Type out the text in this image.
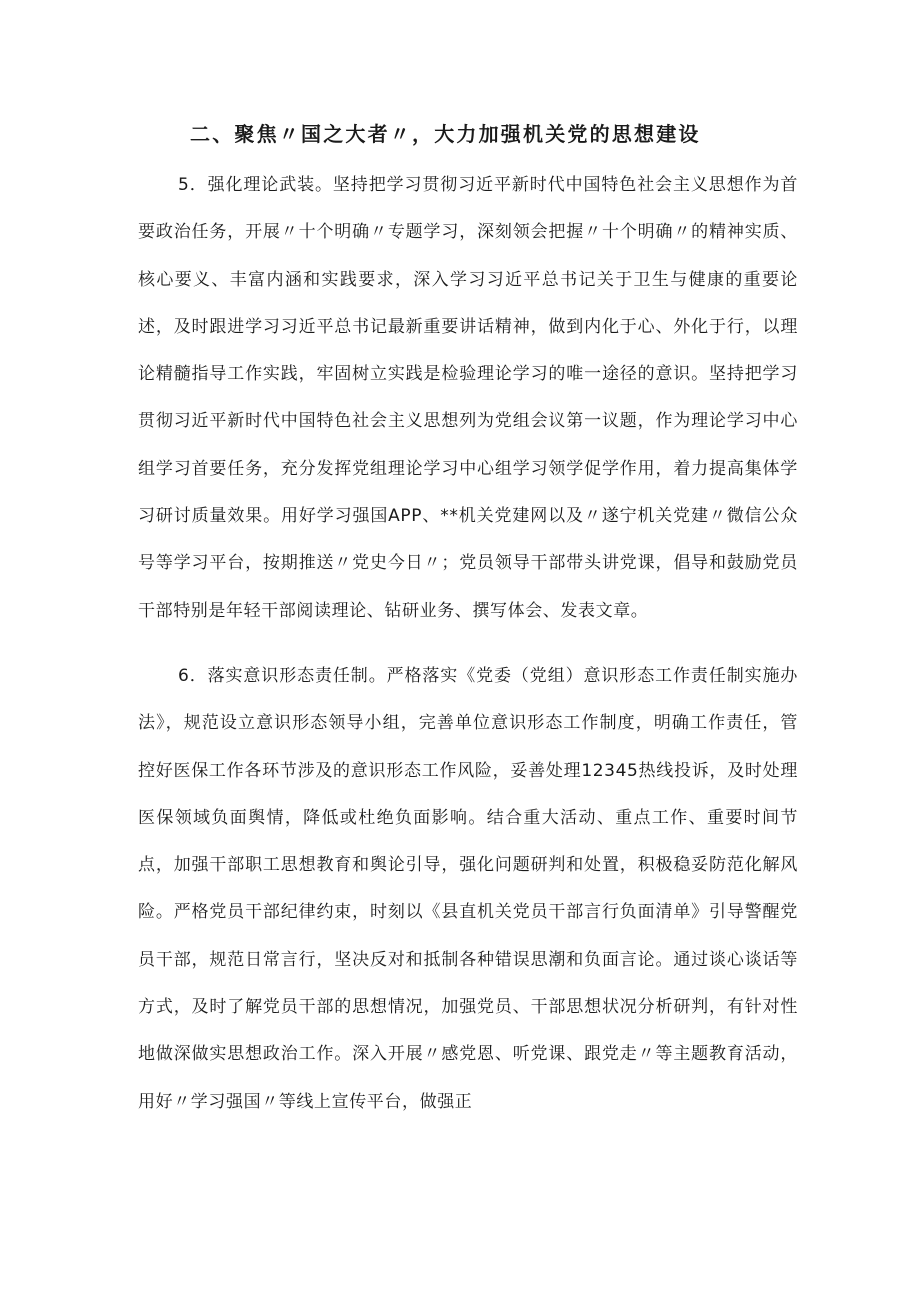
二、聚焦〃国之大者〃，大力加强机关党的思想建设

5．强化理论武装。坚持把学习贯彻习近平新时代中国特色社会主义思想作为首要政治任务，开展〃十个明确〃专题学习，深刻领会把握〃十个明确〃的精神实质、核心要义、丰富内涵和实践要求，深入学习习近平总书记关于卫生与健康的重要论述，及时跟进学习习近平总书记最新重要讲话精神，做到内化于心、外化于行，以理论精髓指导工作实践，牢固树立实践是检验理论学习的唯一途径的意识。坚持把学习贯彻习近平新时代中国特色社会主义思想列为党组会议第一议题，作为理论学习中心组学习首要任务，充分发挥党组理论学习中心组学习领学促学作用，着力提高集体学习研讨质量效果。用好学习强国APP、**机关党建网以及〃遂宁机关党建〃微信公众号等学习平台，按期推送〃党史今日〃；党员领导干部带头讲党课，倡导和鼓励党员干部特别是年轻干部阅读理论、钻研业务、撰写体会、发表文章。

6．落实意识形态责任制。严格落实《党委（党组）意识形态工作责任制实施办法》，规范设立意识形态领导小组，完善单位意识形态工作制度，明确工作责任，管控好医保工作各环节涉及的意识形态工作风险，妥善处理12345热线投诉，及时处理医保领域负面舆情，降低或杜绝负面影响。结合重大活动、重点工作、重要时间节点，加强干部职工思想教育和舆论引导，强化问题研判和处置，积极稳妥防范化解风险。严格党员干部纪律约束，时刻以《县直机关党员干部言行负面清单》引导警醒党员干部，规范日常言行，坚决反对和抵制各种错误思潮和负面言论。通过谈心谈话等方式，及时了解党员干部的思想情况，加强党员、干部思想状况分析研判，有针对性地做深做实思想政治工作。深入开展〃感党恩、听党课、跟党走〃等主题教育活动，用好〃学习强国〃等线上宣传平台，做强正
